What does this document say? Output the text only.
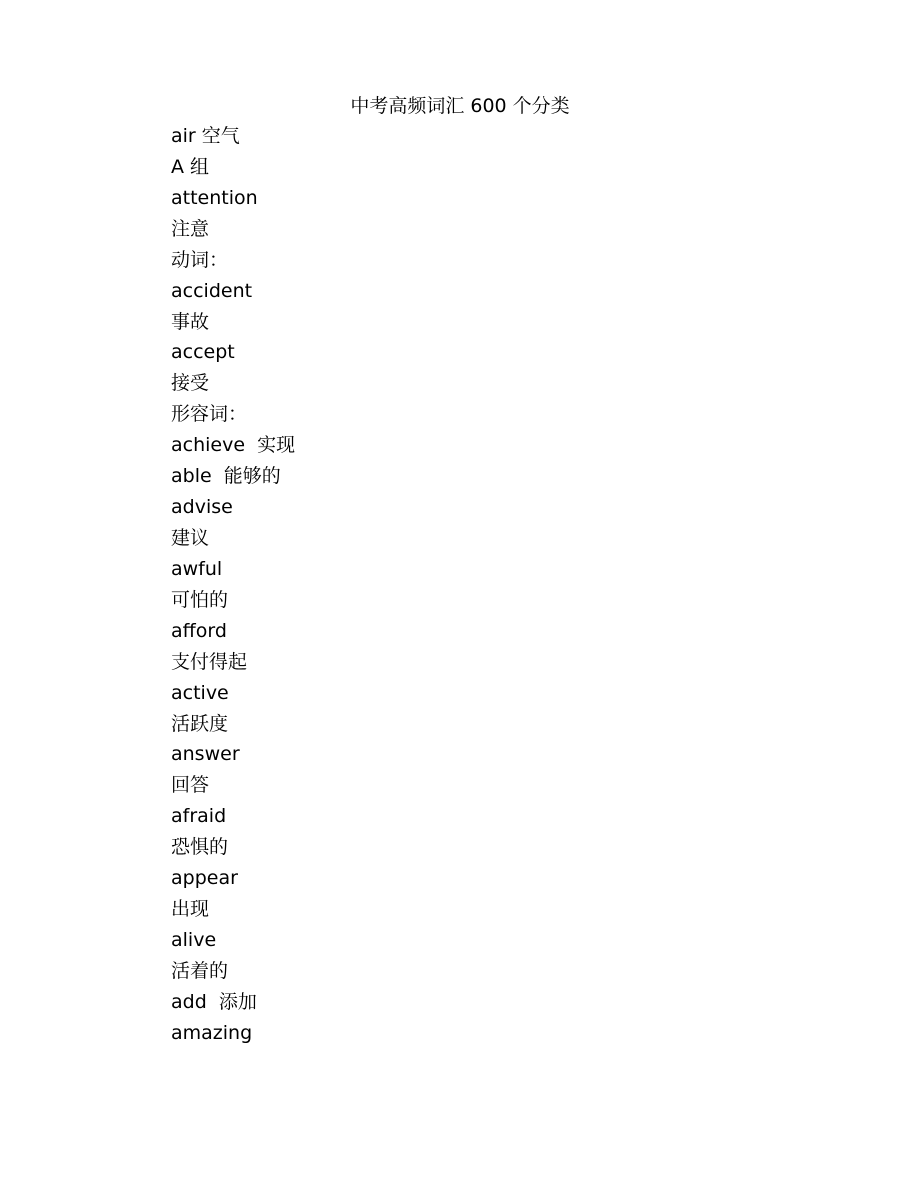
中考高频词汇 600 个分类
air 空气
A 组
attention
注意
动词：
accident
事故
accept
接受
形容词：
achieve  实现
able  能够的
advise
建议
awful
可怕的
afford
支付得起
active
活跃度
answer
回答
afraid
恐惧的
appear
出现
alive
活着的
add  添加
amazing
